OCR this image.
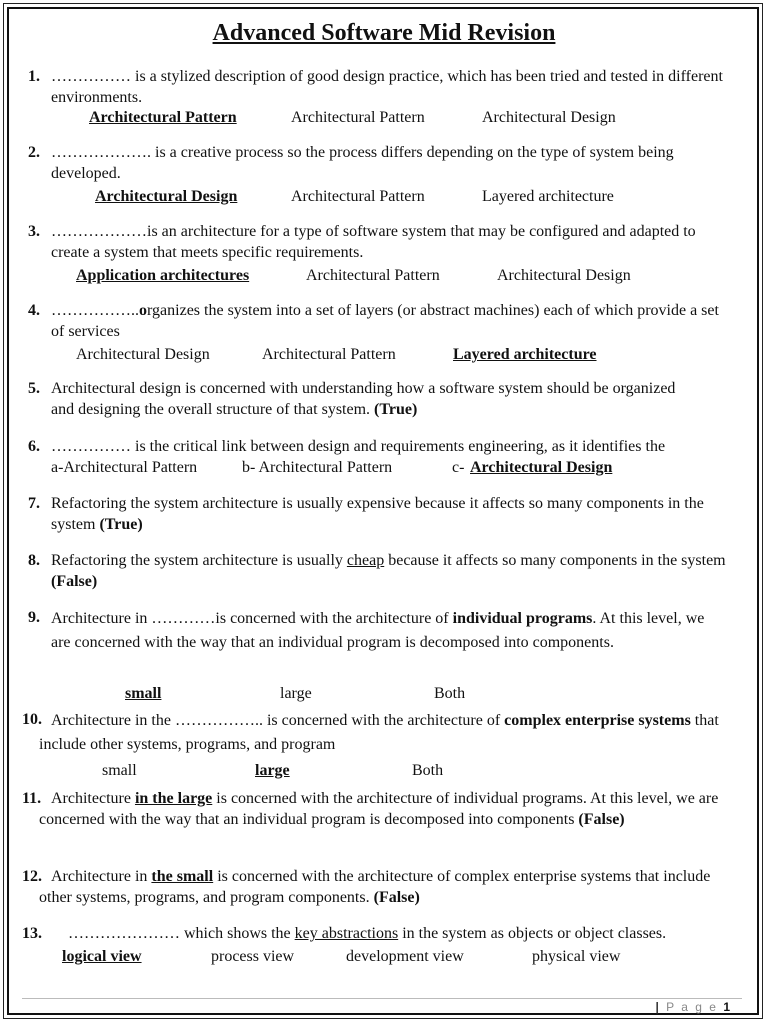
Advanced Software Mid Revision
1. …………… is a stylized description of good design practice, which has been tried and tested in different environments.
Architectural Pattern	Architectural Pattern	Architectural Design
2. ………………. is a creative process so the process differs depending on the type of system being developed.
Architectural Design	Architectural Pattern	Layered architecture
3. ………………is an architecture for a type of software system that may be configured and adapted to create a system that meets specific requirements.
Application architectures	Architectural Pattern	Architectural Design
4. ……………..organizes the system into a set of layers (or abstract machines) each of which provide a set of services
Architectural Design	Architectural Pattern	Layered architecture
5. Architectural design is concerned with understanding how a software system should be organized and designing the overall structure of that system. (True)
6. …………… is the critical link between design and requirements engineering, as it identifies the
a-Architectural Pattern	b- Architectural Pattern	c- Architectural Design
7. Refactoring the system architecture is usually expensive because it affects so many components in the system (True)
8. Refactoring the system architecture is usually cheap because it affects so many components in the system (False)
9. Architecture in …………is concerned with the architecture of individual programs. At this level, we are concerned with the way that an individual program is decomposed into components.
small	large	Both
10. Architecture in the …………….. is concerned with the architecture of complex enterprise systems that include other systems, programs, and program
small	large	Both
11. Architecture in the large is concerned with the architecture of individual programs. At this level, we are concerned with the way that an individual program is decomposed into components (False)
12. Architecture in the small is concerned with the architecture of complex enterprise systems that include other systems, programs, and program components. (False)
13. ………………… which shows the key abstractions in the system as objects or object classes.
logical view	process view	development view	physical view
| P a g e 1
